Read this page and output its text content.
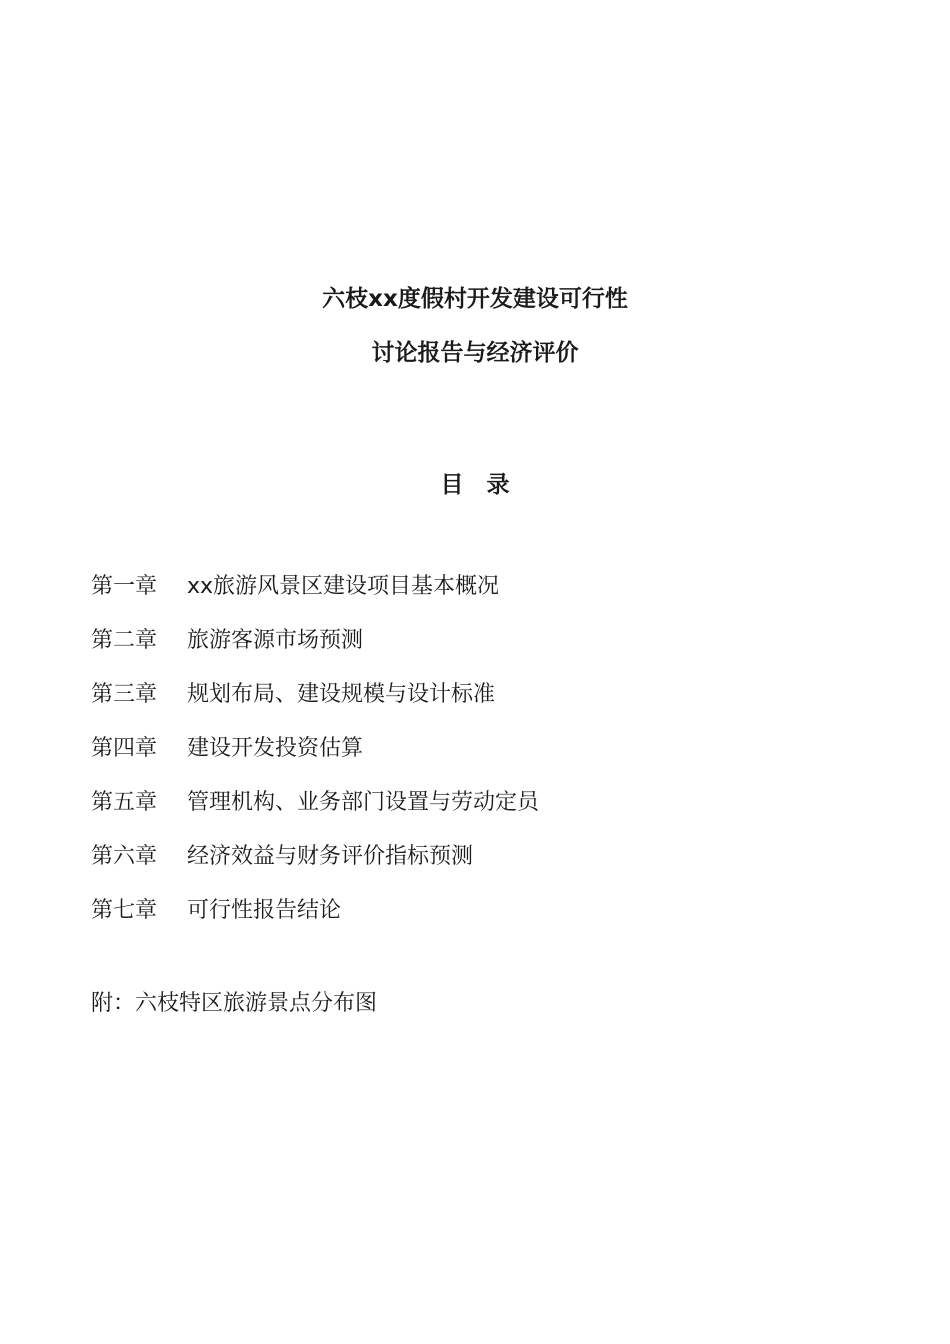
六枝xx度假村开发建设可行性
讨论报告与经济评价
目　录
第一章	xx旅游风景区建设项目基本概况
第二章	旅游客源市场预测
第三章	规划布局、建设规模与设计标准
第四章	建设开发投资估算
第五章	管理机构、业务部门设置与劳动定员
第六章	经济效益与财务评价指标预测
第七章	可行性报告结论
附：六枝特区旅游景点分布图
